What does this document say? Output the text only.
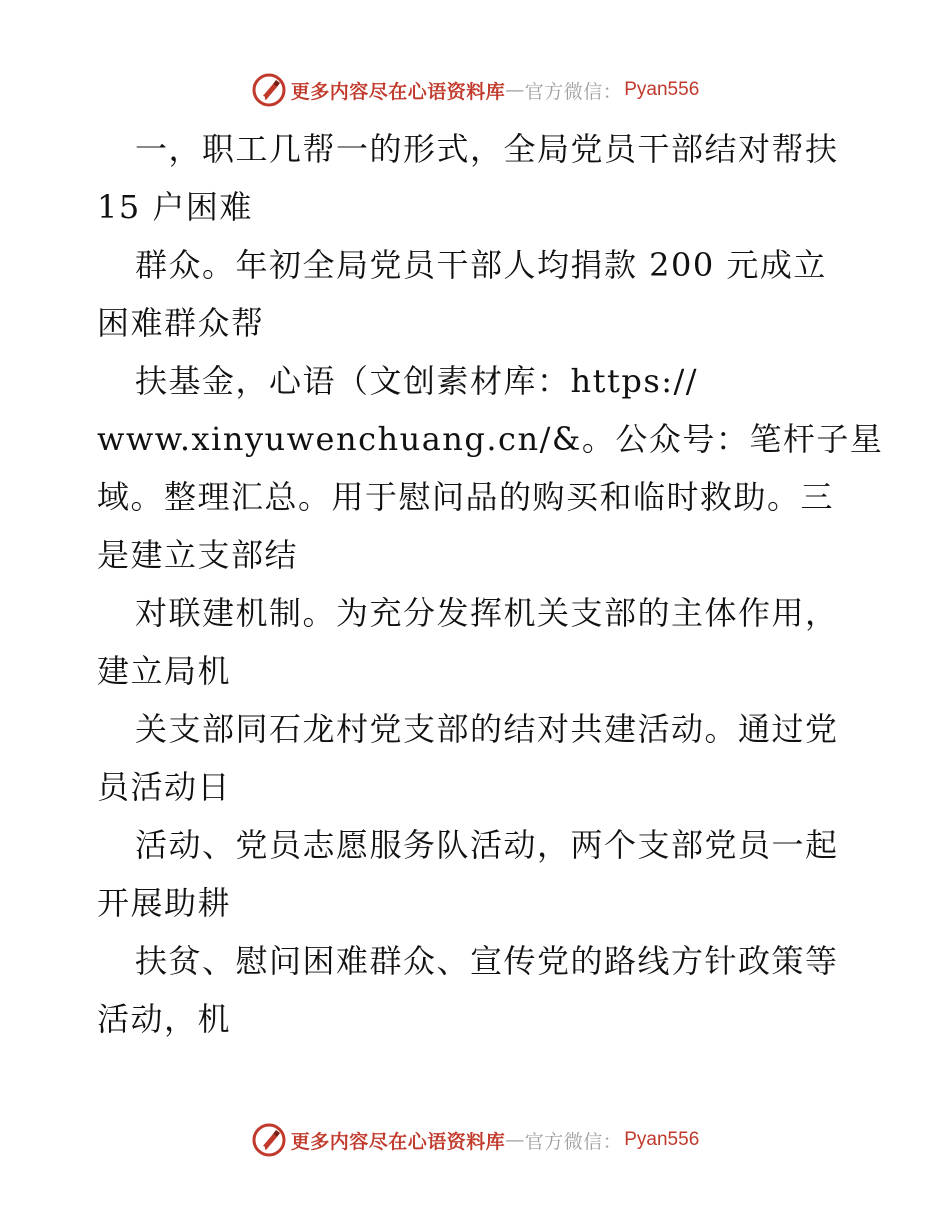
更多内容尽在心语资料库 — 官方微信： Pyan556

一，职工几帮一的形式，全局党员干部结对帮扶

15 户困难

群众。年初全局党员干部人均捐款 200 元成立

困难群众帮

扶基金，心语（文创素材库：https://

www.xinyuwenchuang.cn/&。公众号：笔杆子星

域。整理汇总。用于慰问品的购买和临时救助。三

是建立支部结

对联建机制。为充分发挥机关支部的主体作用，

建立局机

关支部同石龙村党支部的结对共建活动。通过党

员活动日

活动、党员志愿服务队活动，两个支部党员一起

开展助耕

扶贫、慰问困难群众、宣传党的路线方针政策等

活动，机

更多内容尽在心语资料库 — 官方微信： Pyan556
